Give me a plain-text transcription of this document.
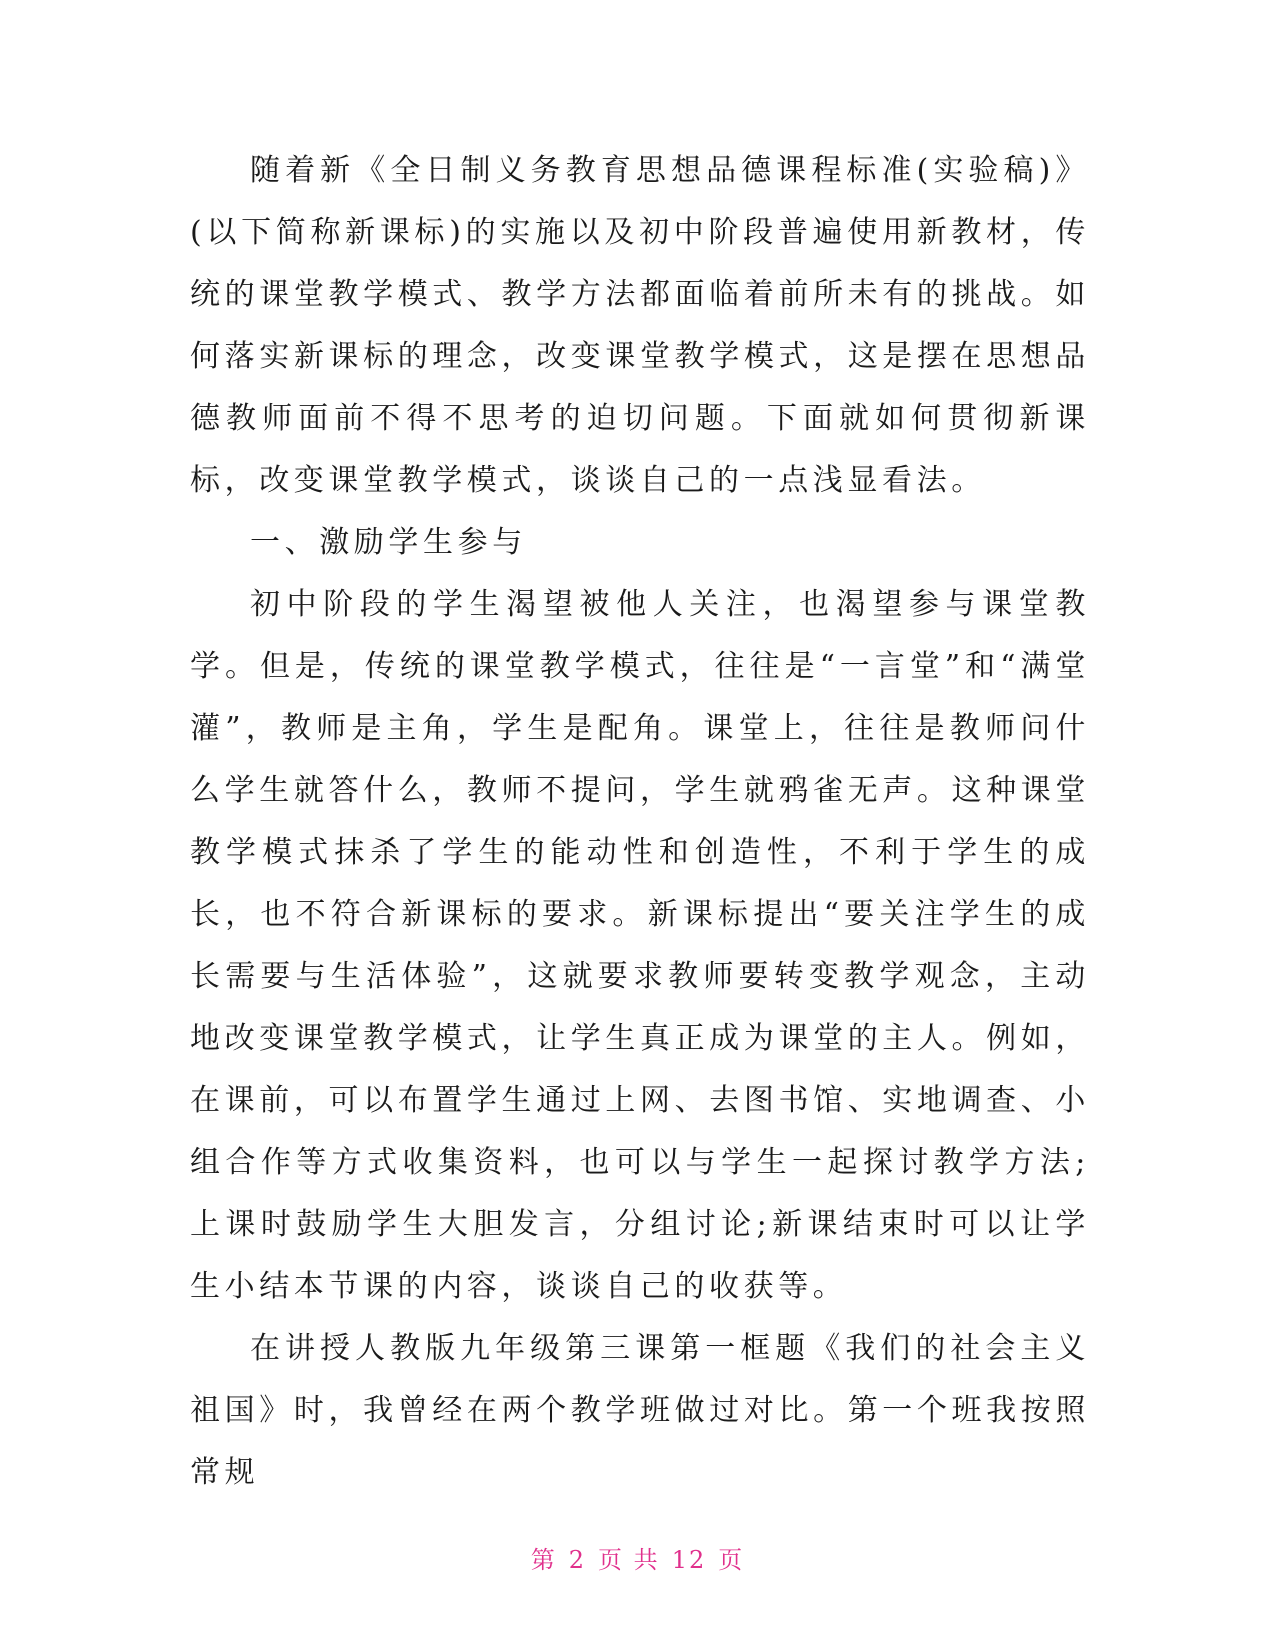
随着新《全日制义务教育思想品德课程标准(实验稿)》(以下简称新课标)的实施以及初中阶段普遍使用新教材，传统的课堂教学模式、教学方法都面临着前所未有的挑战。如何落实新课标的理念，改变课堂教学模式，这是摆在思想品德教师面前不得不思考的迫切问题。下面就如何贯彻新课标，改变课堂教学模式，谈谈自己的一点浅显看法。

一、激励学生参与

初中阶段的学生渴望被他人关注，也渴望参与课堂教学。但是，传统的课堂教学模式，往往是“一言堂”和“满堂灌”，教师是主角，学生是配角。课堂上，往往是教师问什么学生就答什么，教师不提问，学生就鸦雀无声。这种课堂教学模式抹杀了学生的能动性和创造性，不利于学生的成长，也不符合新课标的要求。新课标提出“要关注学生的成长需要与生活体验”，这就要求教师要转变教学观念，主动地改变课堂教学模式，让学生真正成为课堂的主人。例如，在课前，可以布置学生通过上网、去图书馆、实地调查、小组合作等方式收集资料，也可以与学生一起探讨教学方法;上课时鼓励学生大胆发言，分组讨论;新课结束时可以让学生小结本节课的内容，谈谈自己的收获等。

在讲授人教版九年级第三课第一框题《我们的社会主义祖国》时，我曾经在两个教学班做过对比。第一个班我按照常规

第 2 页 共 12 页
